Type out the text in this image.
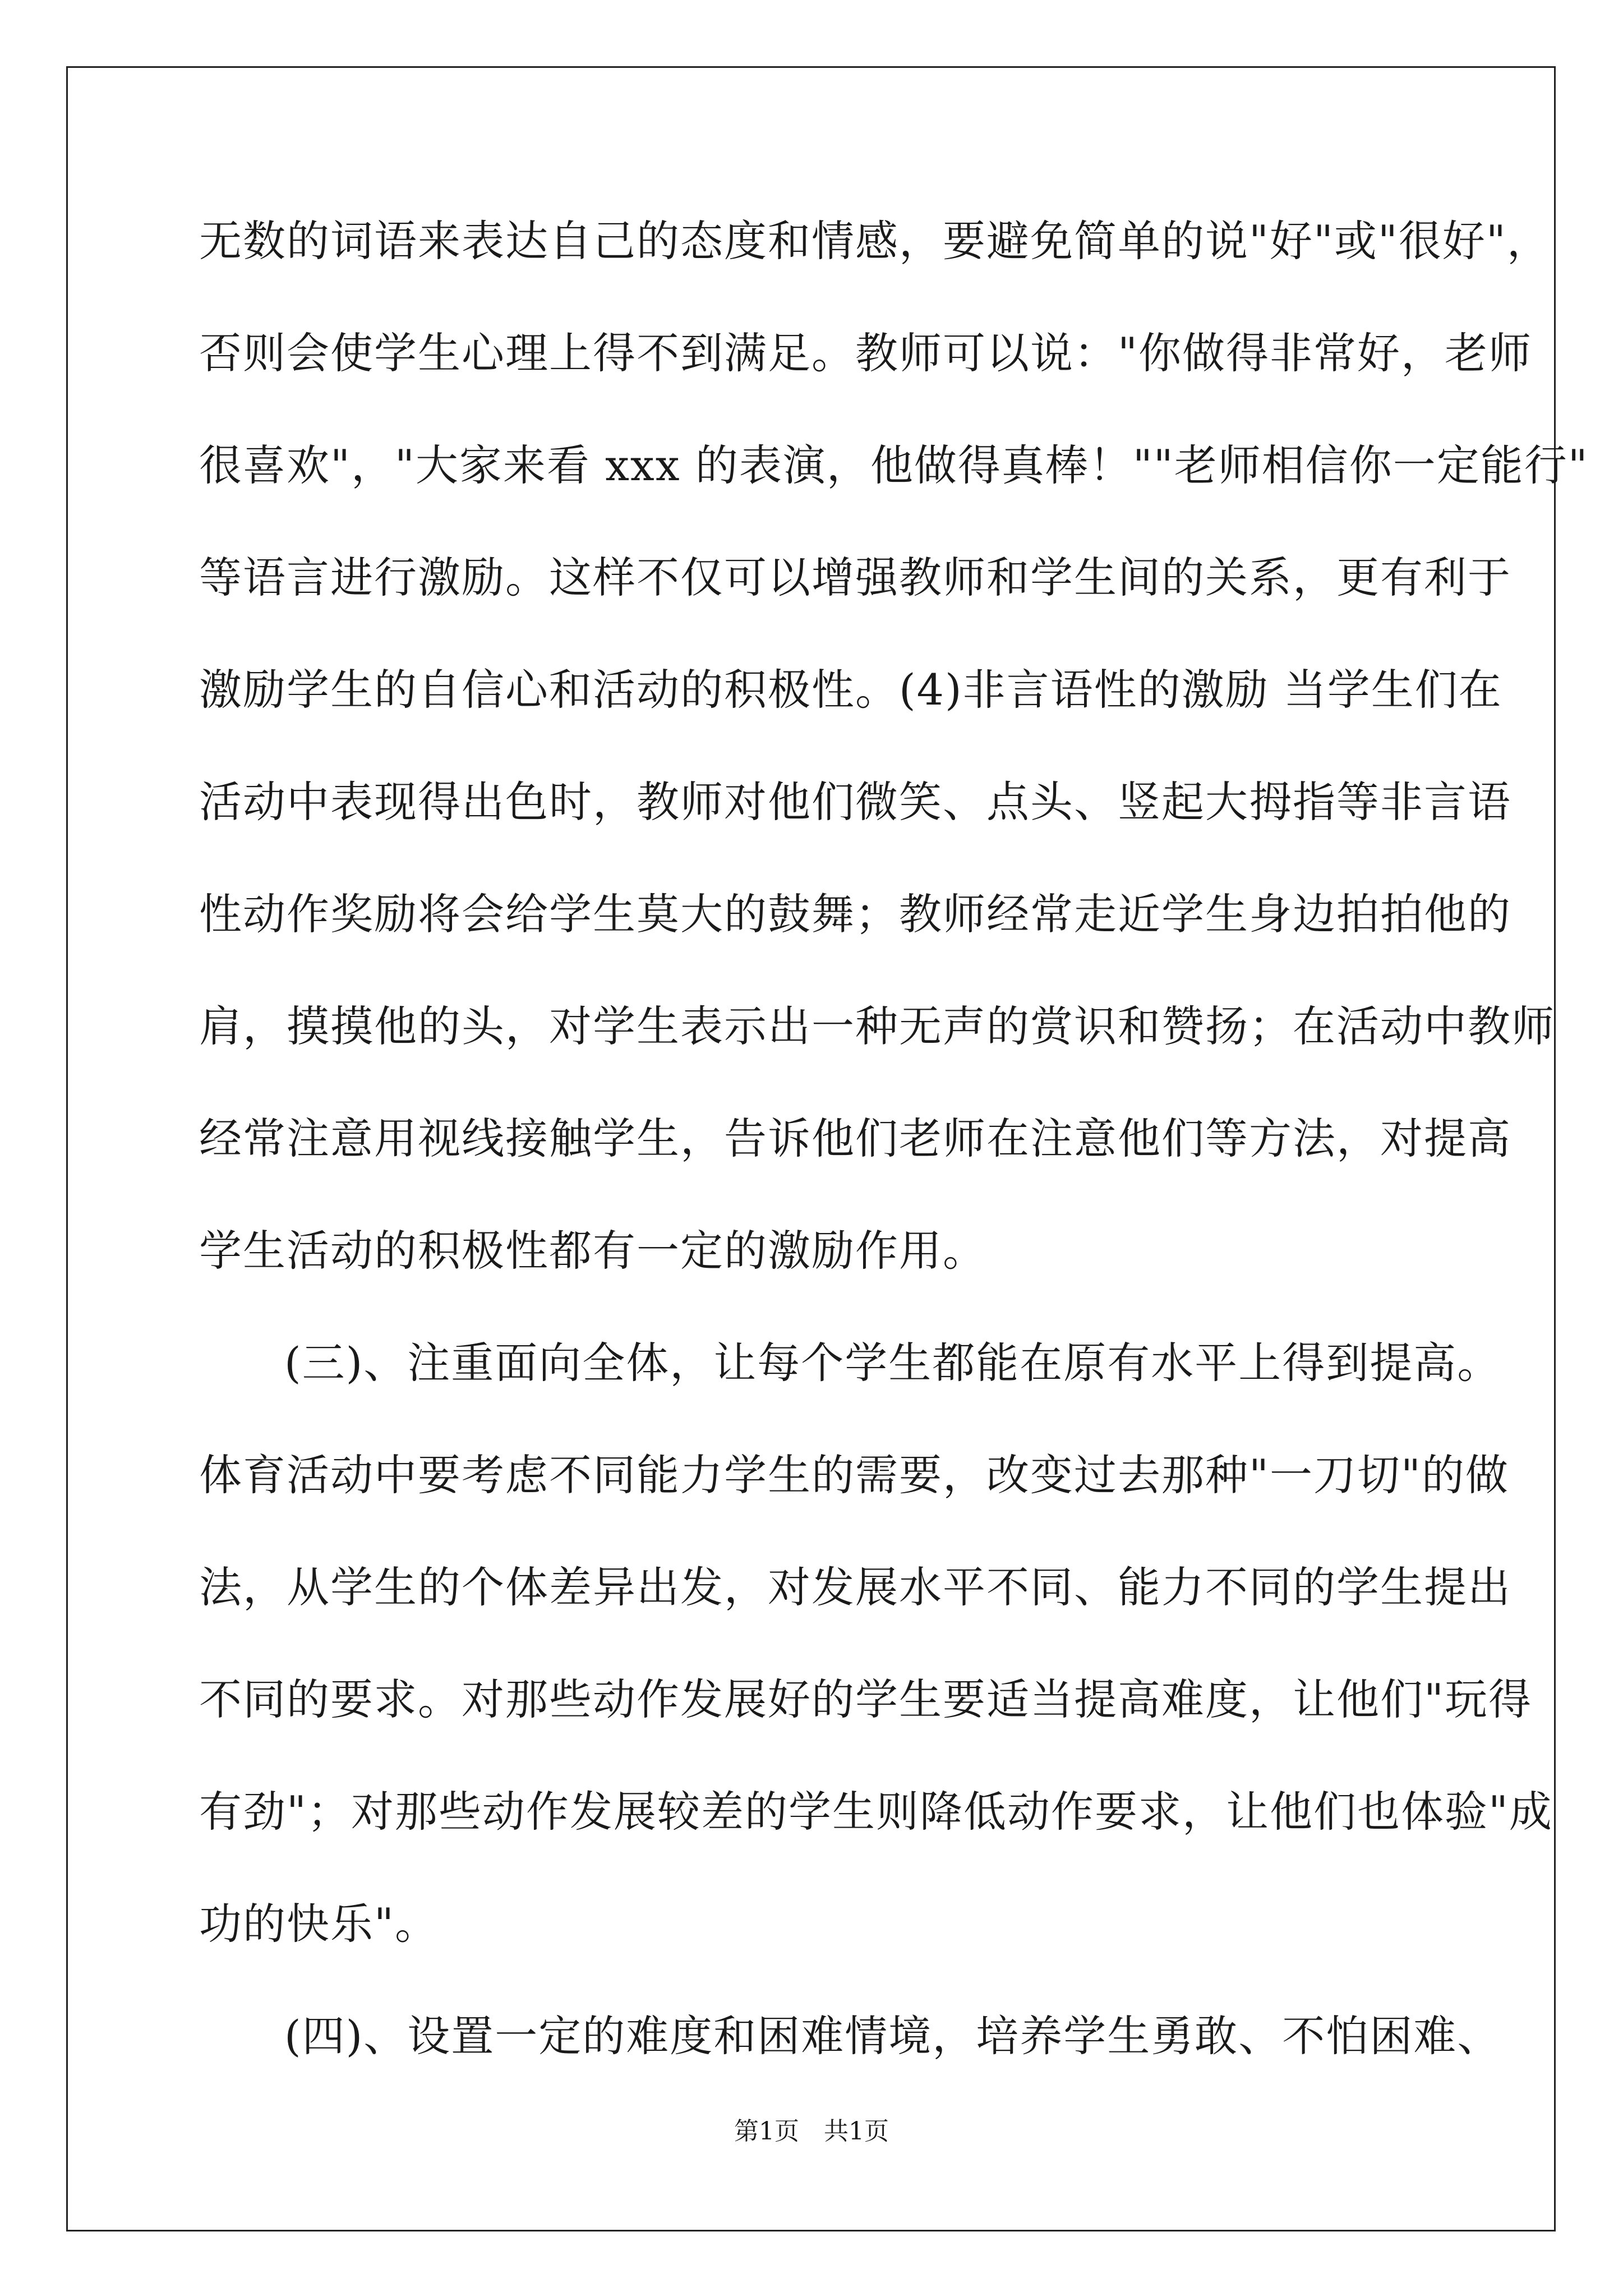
无数的词语来表达自己的态度和情感，要避免简单的说"好"或"很好"，
否则会使学生心理上得不到满足。教师可以说："你做得非常好，老师
很喜欢"，"大家来看 xxx 的表演，他做得真棒！""老师相信你一定能行"
等语言进行激励。这样不仅可以增强教师和学生间的关系，更有利于
激励学生的自信心和活动的积极性。(4)非言语性的激励 当学生们在
活动中表现得出色时，教师对他们微笑、点头、竖起大拇指等非言语
性动作奖励将会给学生莫大的鼓舞；教师经常走近学生身边拍拍他的
肩，摸摸他的头，对学生表示出一种无声的赏识和赞扬；在活动中教师
经常注意用视线接触学生，告诉他们老师在注意他们等方法，对提高
学生活动的积极性都有一定的激励作用。
(三)、注重面向全体，让每个学生都能在原有水平上得到提高。
体育活动中要考虑不同能力学生的需要，改变过去那种"一刀切"的做
法，从学生的个体差异出发，对发展水平不同、能力不同的学生提出
不同的要求。对那些动作发展好的学生要适当提高难度，让他们"玩得
有劲"；对那些动作发展较差的学生则降低动作要求，让他们也体验"成
功的快乐"。
(四)、设置一定的难度和困难情境，培养学生勇敢、不怕困难、
第1页　共1页
